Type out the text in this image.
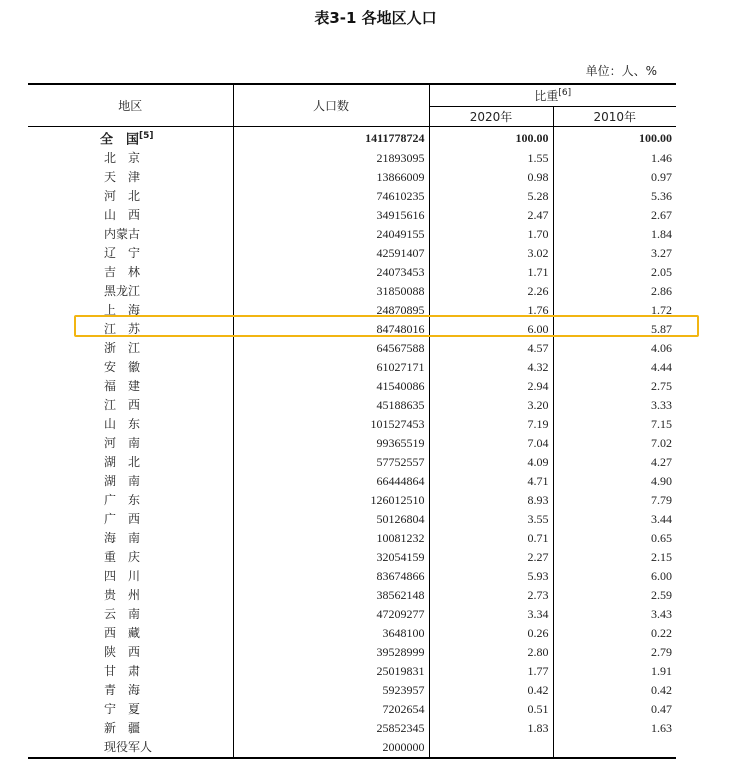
表3-1 各地区人口
单位：人、%
地区	人口数	比重[6]
		2020年	2010年
全　国[5]	1411778724	100.00	100.00
北　京	21893095	1.55	1.46
天　津	13866009	0.98	0.97
河　北	74610235	5.28	5.36
山　西	34915616	2.47	2.67
内蒙古	24049155	1.70	1.84
辽　宁	42591407	3.02	3.27
吉　林	24073453	1.71	2.05
黑龙江	31850088	2.26	2.86
上　海	24870895	1.76	1.72
江　苏	84748016	6.00	5.87
浙　江	64567588	4.57	4.06
安　徽	61027171	4.32	4.44
福　建	41540086	2.94	2.75
江　西	45188635	3.20	3.33
山　东	101527453	7.19	7.15
河　南	99365519	7.04	7.02
湖　北	57752557	4.09	4.27
湖　南	66444864	4.71	4.90
广　东	126012510	8.93	7.79
广　西	50126804	3.55	3.44
海　南	10081232	0.71	0.65
重　庆	32054159	2.27	2.15
四　川	83674866	5.93	6.00
贵　州	38562148	2.73	2.59
云　南	47209277	3.34	3.43
西　藏	3648100	0.26	0.22
陕　西	39528999	2.80	2.79
甘　肃	25019831	1.77	1.91
青　海	5923957	0.42	0.42
宁　夏	7202654	0.51	0.47
新　疆	25852345	1.83	1.63
现役军人	2000000		
